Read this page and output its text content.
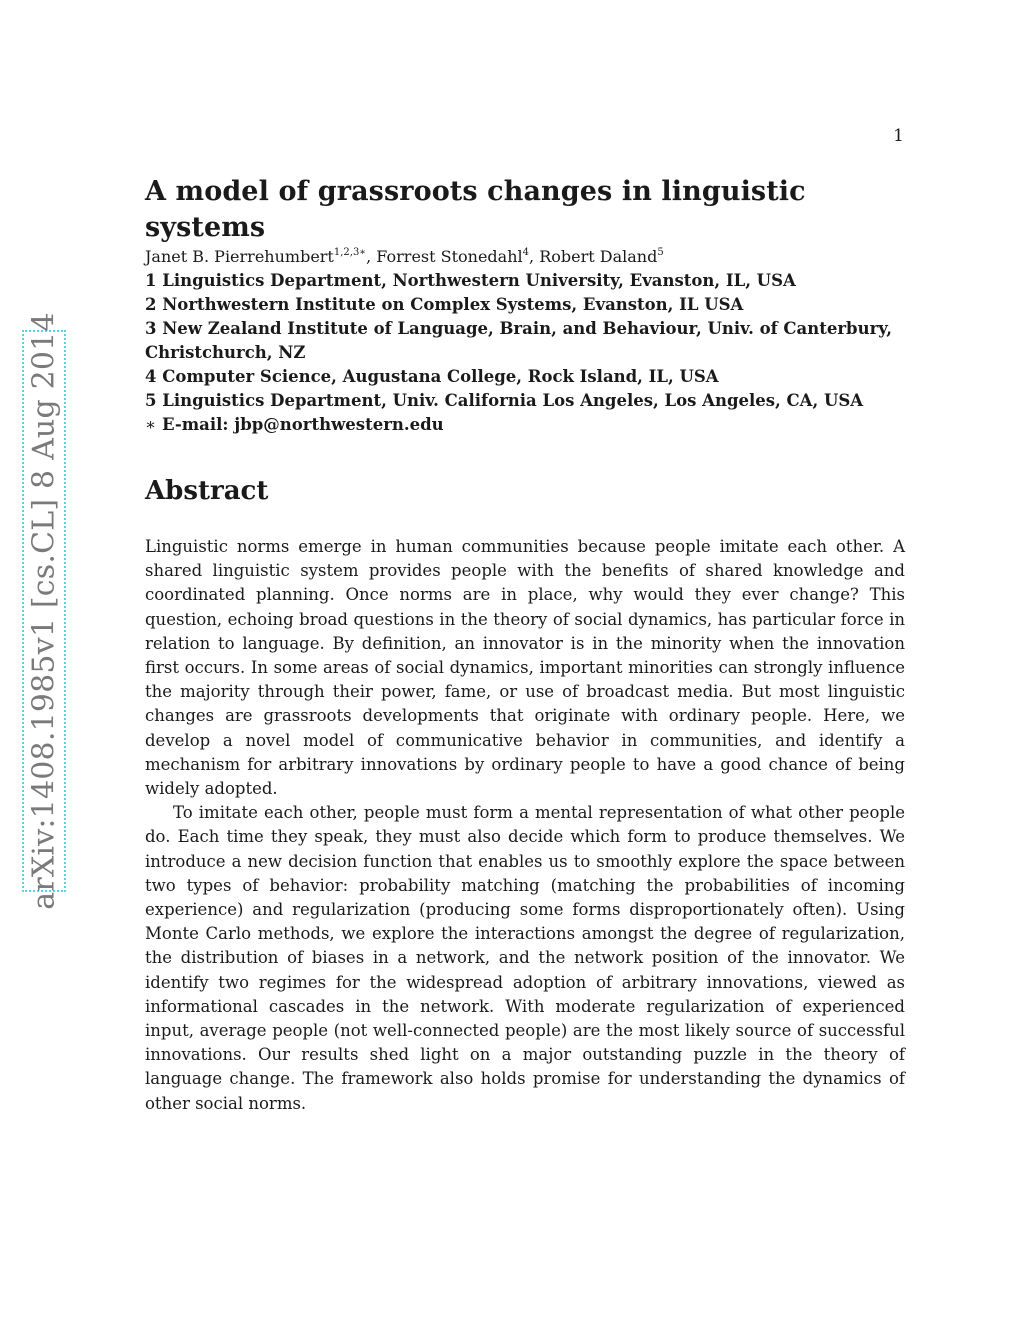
1
arXiv:1408.1985v1 [cs.CL] 8 Aug 2014
A model of grassroots changes in linguistic systems
Janet B. Pierrehumbert$^{1,2,3∗}$, Forrest Stonedahl$^4$, Robert Daland$^5$
1 Linguistics Department, Northwestern University, Evanston, IL, USA
2 Northwestern Institute on Complex Systems, Evanston, IL USA
3 New Zealand Institute of Language, Brain, and Behaviour, Univ. of Canterbury, Christchurch, NZ
4 Computer Science, Augustana College, Rock Island, IL, USA
5 Linguistics Department, Univ. California Los Angeles, Los Angeles, CA, USA
∗ E-mail: jbp@northwestern.edu
Abstract

Linguistic norms emerge in human communities because people imitate each other. A shared linguistic system provides people with the benefits of shared knowledge and coordinated planning. Once norms are in place, why would they ever change? This question, echoing broad questions in the theory of social dynamics, has particular force in relation to language. By definition, an innovator is in the minority when the innovation first occurs. In some areas of social dynamics, important minorities can strongly influence the majority through their power, fame, or use of broadcast media. But most linguistic changes are grassroots developments that originate with ordinary people. Here, we develop a novel model of communicative behavior in communities, and identify a mechanism for arbitrary innovations by ordinary people to have a good chance of being widely adopted.

To imitate each other, people must form a mental representation of what other people do. Each time they speak, they must also decide which form to produce themselves. We introduce a new decision function that enables us to smoothly explore the space between two types of behavior: probability matching (matching the probabilities of incoming experience) and regularization (producing some forms disproportionately often). Using Monte Carlo methods, we explore the interactions amongst the degree of regularization, the distribution of biases in a network, and the network position of the innovator. We identify two regimes for the widespread adoption of arbitrary innovations, viewed as informational cascades in the network. With moderate regularization of experienced input, average people (not well-connected people) are the most likely source of successful innovations. Our results shed light on a major outstanding puzzle in the theory of language change. The framework also holds promise for understanding the dynamics of other social norms.
